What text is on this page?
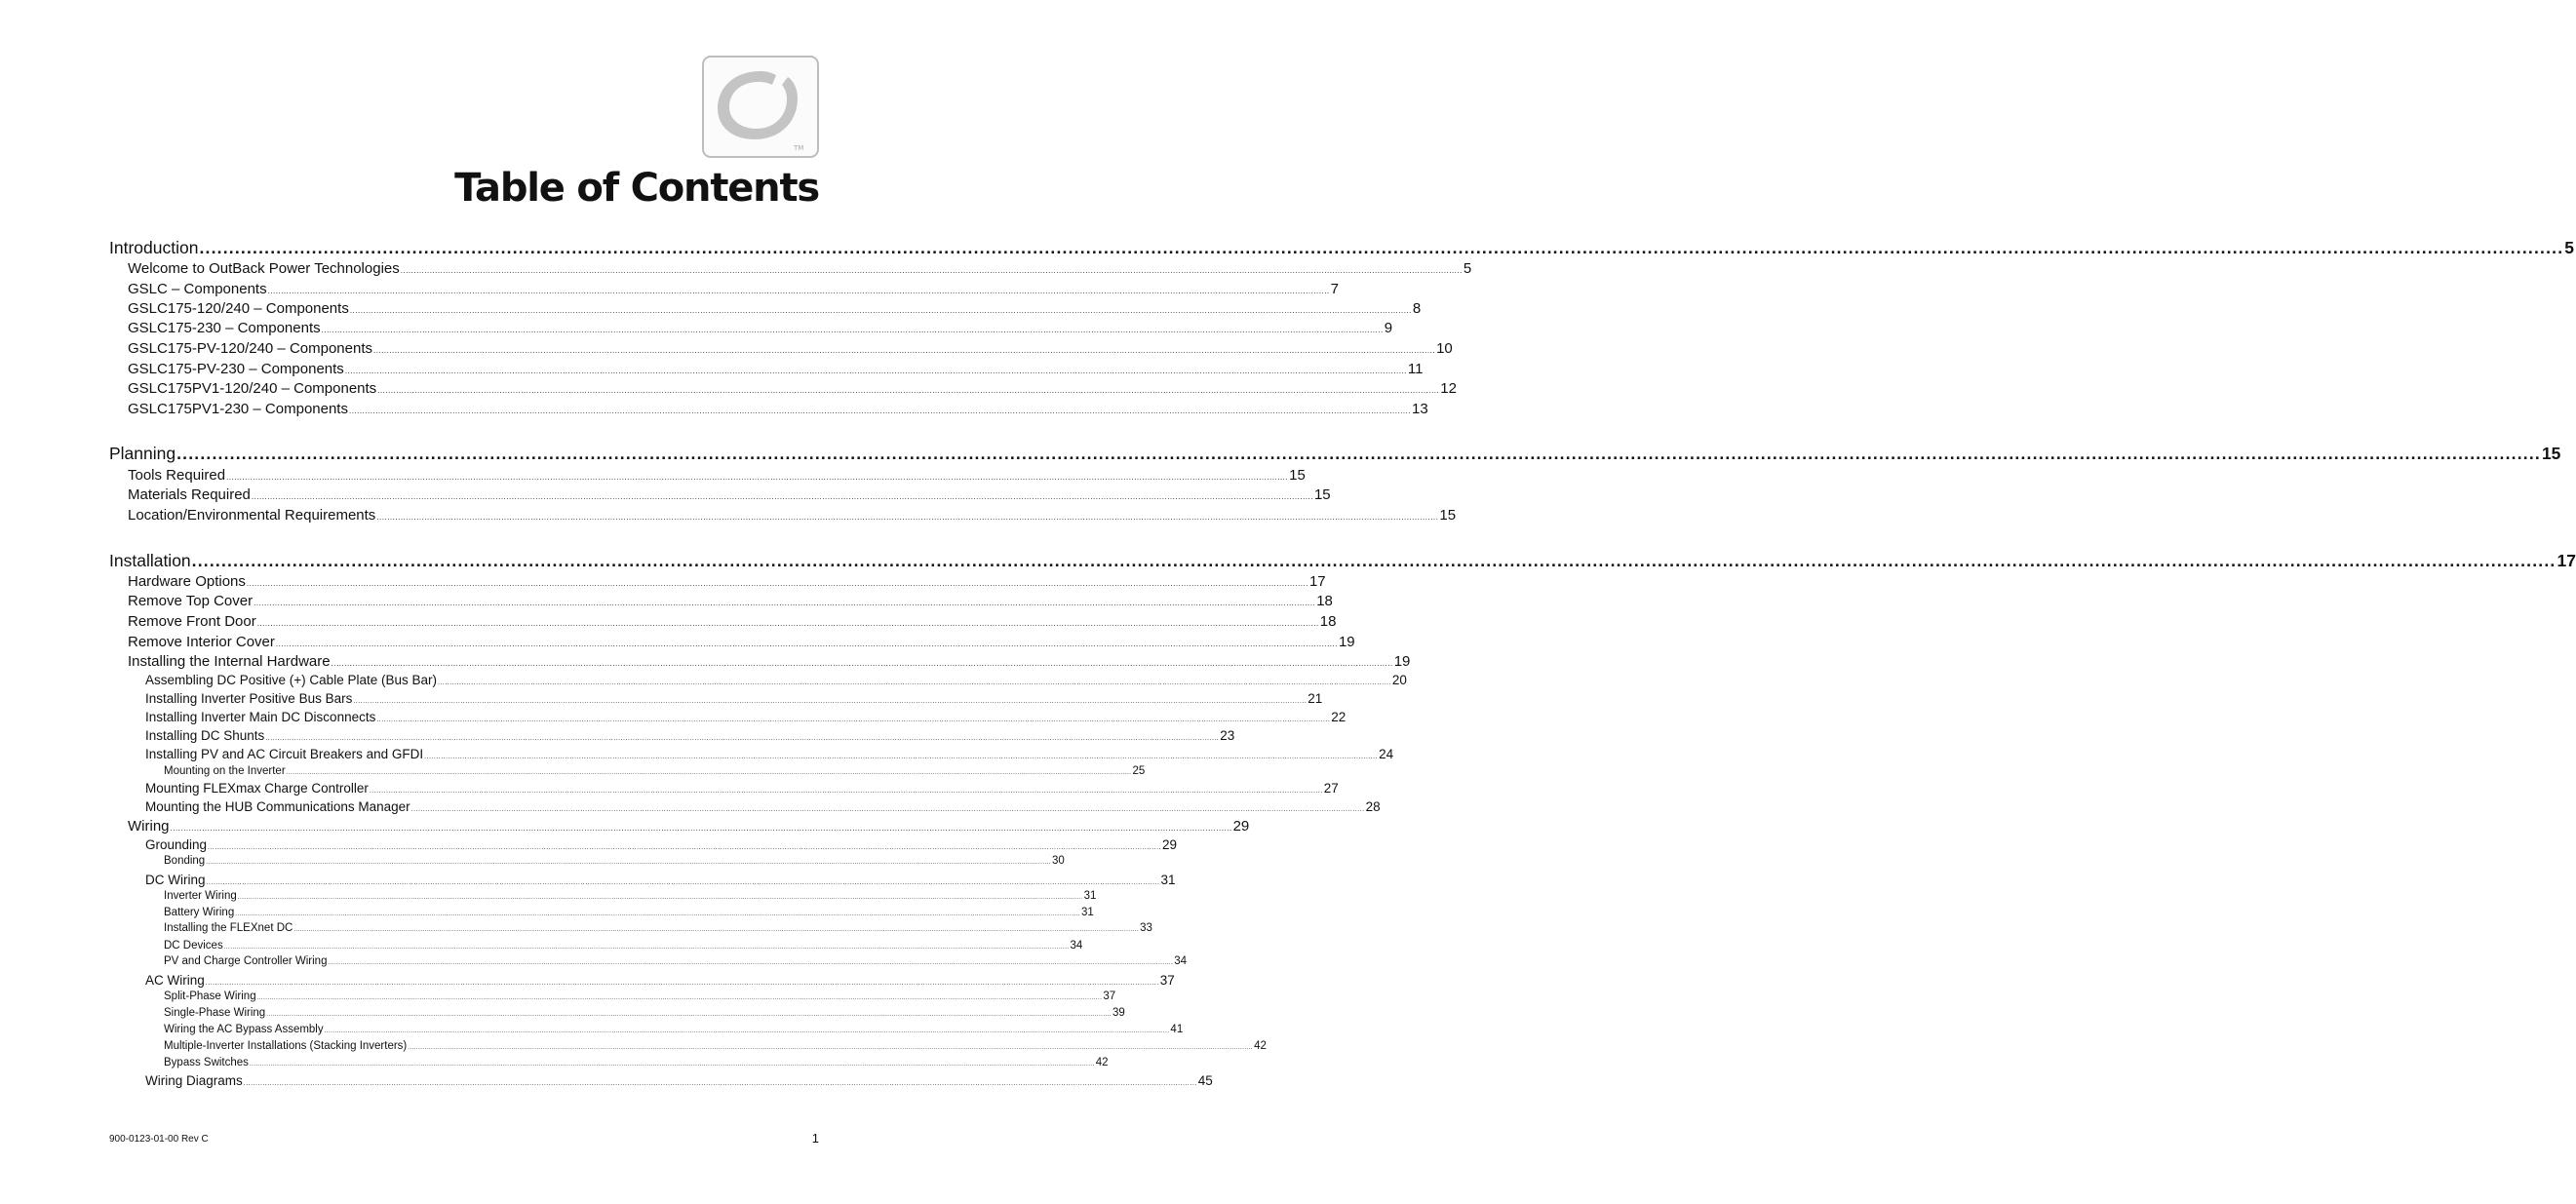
TM
Table of Contents
Introduction ................................................................................................................................................................................................................................................................................................................................................................................................................ 5
Welcome to OutBack Power Technologies ................................................................................................................................................................................................................................................................................................................................................................................................................ 5
GSLC – Components ................................................................................................................................................................................................................................................................................................................................................................................................................ 7
GSLC175-120/240 – Components ................................................................................................................................................................................................................................................................................................................................................................................................................ 8
GSLC175-230 – Components ................................................................................................................................................................................................................................................................................................................................................................................................................ 9
GSLC175-PV-120/240 – Components ................................................................................................................................................................................................................................................................................................................................................................................................................ 10
GSLC175-PV-230 – Components ................................................................................................................................................................................................................................................................................................................................................................................................................ 11
GSLC175PV1-120/240 – Components ................................................................................................................................................................................................................................................................................................................................................................................................................ 12
GSLC175PV1-230 – Components ................................................................................................................................................................................................................................................................................................................................................................................................................ 13
Planning ................................................................................................................................................................................................................................................................................................................................................................................................................ 15
Tools Required ................................................................................................................................................................................................................................................................................................................................................................................................................ 15
Materials Required ................................................................................................................................................................................................................................................................................................................................................................................................................ 15
Location/Environmental Requirements ................................................................................................................................................................................................................................................................................................................................................................................................................ 15
Installation ................................................................................................................................................................................................................................................................................................................................................................................................................ 17
Hardware Options ................................................................................................................................................................................................................................................................................................................................................................................................................ 17
Remove Top Cover ................................................................................................................................................................................................................................................................................................................................................................................................................ 18
Remove Front Door ................................................................................................................................................................................................................................................................................................................................................................................................................ 18
Remove Interior Cover ................................................................................................................................................................................................................................................................................................................................................................................................................ 19
Installing the Internal Hardware ................................................................................................................................................................................................................................................................................................................................................................................................................ 19
Assembling DC Positive (+) Cable Plate (Bus Bar) ................................................................................................................................................................................................................................................................................................................................................................................................................ 20
Installing Inverter Positive Bus Bars ................................................................................................................................................................................................................................................................................................................................................................................................................ 21
Installing Inverter Main DC Disconnects ................................................................................................................................................................................................................................................................................................................................................................................................................ 22
Installing DC Shunts ................................................................................................................................................................................................................................................................................................................................................................................................................ 23
Installing PV and AC Circuit Breakers and GFDI ................................................................................................................................................................................................................................................................................................................................................................................................................ 24
Mounting on the Inverter ................................................................................................................................................................................................................................................................................................................................................................................................................ 25
Mounting FLEXmax Charge Controller ................................................................................................................................................................................................................................................................................................................................................................................................................ 27
Mounting the HUB Communications Manager ................................................................................................................................................................................................................................................................................................................................................................................................................ 28
Wiring ................................................................................................................................................................................................................................................................................................................................................................................................................ 29
Grounding ................................................................................................................................................................................................................................................................................................................................................................................................................ 29
Bonding ................................................................................................................................................................................................................................................................................................................................................................................................................ 30
DC Wiring ................................................................................................................................................................................................................................................................................................................................................................................................................ 31
Inverter Wiring ................................................................................................................................................................................................................................................................................................................................................................................................................ 31
Battery Wiring ................................................................................................................................................................................................................................................................................................................................................................................................................ 31
Installing the FLEXnet DC ................................................................................................................................................................................................................................................................................................................................................................................................................ 33
DC Devices ................................................................................................................................................................................................................................................................................................................................................................................................................ 34
PV and Charge Controller Wiring ................................................................................................................................................................................................................................................................................................................................................................................................................ 34
AC Wiring ................................................................................................................................................................................................................................................................................................................................................................................................................ 37
Split-Phase Wiring ................................................................................................................................................................................................................................................................................................................................................................................................................ 37
Single-Phase Wiring ................................................................................................................................................................................................................................................................................................................................................................................................................ 39
Wiring the AC Bypass Assembly ................................................................................................................................................................................................................................................................................................................................................................................................................ 41
Multiple-Inverter Installations (Stacking Inverters) ................................................................................................................................................................................................................................................................................................................................................................................................................ 42
Bypass Switches ................................................................................................................................................................................................................................................................................................................................................................................................................ 42
Wiring Diagrams ................................................................................................................................................................................................................................................................................................................................................................................................................ 45
900-0123-01-00 Rev C	1
